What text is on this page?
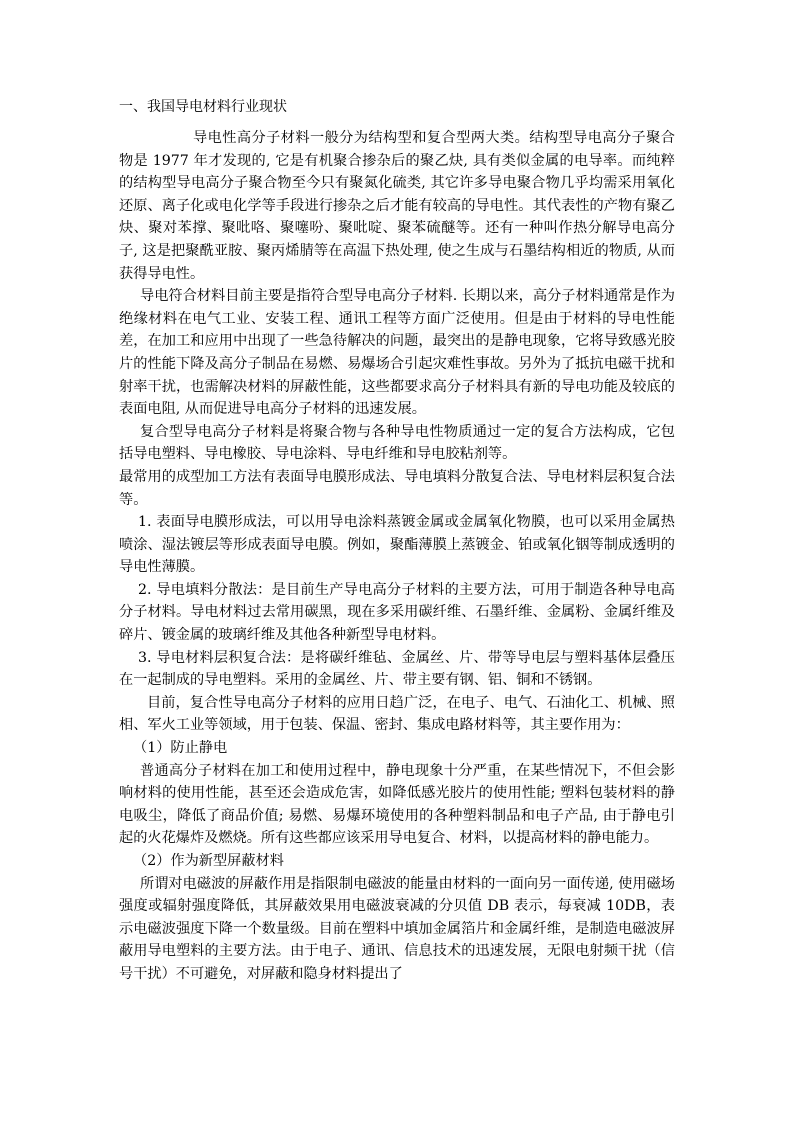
一、我国导电材料行业现状

导电性高分子材料一般分为结构型和复合型两大类。结构型导电高分子聚合物是 1977 年才发现的, 它是有机聚合掺杂后的聚乙炔, 具有类似金属的电导率。而纯粹的结构型导电高分子聚合物至今只有聚氮化硫类, 其它许多导电聚合物几乎均需采用氧化还原、离子化或电化学等手段进行掺杂之后才能有较高的导电性。其代表性的产物有聚乙炔、聚对苯撑、聚吡咯、聚噻吩、聚吡啶、聚苯硫醚等。还有一种叫作热分解导电高分子, 这是把聚酰亚胺、聚丙烯腈等在高温下热处理, 使之生成与石墨结构相近的物质, 从而获得导电性。

导电符合材料目前主要是指符合型导电高分子材料. 长期以来，高分子材料通常是作为绝缘材料在电气工业、安装工程、通讯工程等方面广泛使用。但是由于材料的导电性能差，在加工和应用中出现了一些急待解决的问题，最突出的是静电现象，它将导致感光胶片的性能下降及高分子制品在易燃、易爆场合引起灾难性事故。另外为了抵抗电磁干扰和射率干扰，也需解决材料的屏蔽性能，这些都要求高分子材料具有新的导电功能及较底的表面电阻, 从而促进导电高分子材料的迅速发展。

复合型导电高分子材料是将聚合物与各种导电性物质通过一定的复合方法构成，它包括导电塑料、导电橡胶、导电涂料、导电纤维和导电胶粘剂等。

最常用的成型加工方法有表面导电膜形成法、导电填料分散复合法、导电材料层积复合法等。

1. 表面导电膜形成法，可以用导电涂料蒸镀金属或金属氧化物膜，也可以采用金属热喷涂、湿法镀层等形成表面导电膜。例如，聚酯薄膜上蒸镀金、铂或氧化铟等制成透明的导电性薄膜。

2. 导电填料分散法：是目前生产导电高分子材料的主要方法，可用于制造各种导电高分子材料。导电材料过去常用碳黑，现在多采用碳纤维、石墨纤维、金属粉、金属纤维及碎片、镀金属的玻璃纤维及其他各种新型导电材料。

3. 导电材料层积复合法：是将碳纤维毡、金属丝、片、带等导电层与塑料基体层叠压在一起制成的导电塑料。采用的金属丝、片、带主要有钢、铝、铜和不锈钢。

目前，复合性导电高分子材料的应用日趋广泛，在电子、电气、石油化工、机械、照相、军火工业等领域，用于包装、保温、密封、集成电路材料等，其主要作用为：

（1）防止静电

普通高分子材料在加工和使用过程中，静电现象十分严重，在某些情况下，不但会影响材料的使用性能，甚至还会造成危害，如降低感光胶片的使用性能; 塑料包装材料的静电吸尘，降低了商品价值; 易燃、易爆环境使用的各种塑料制品和电子产品, 由于静电引起的火花爆炸及燃烧。所有这些都应该采用导电复合、材料，以提高材料的静电能力。

（2）作为新型屏蔽材料

所谓对电磁波的屏蔽作用是指限制电磁波的能量由材料的一面向另一面传递, 使用磁场强度或辐射强度降低，其屏蔽效果用电磁波衰减的分贝值 DB 表示，每衰减 10DB，表示电磁波强度下降一个数量级。目前在塑料中填加金属箔片和金属纤维，是制造电磁波屏蔽用导电塑料的主要方法。由于电子、通讯、信息技术的迅速发展，无限电射频干扰（信号干扰）不可避免，对屏蔽和隐身材料提出了
